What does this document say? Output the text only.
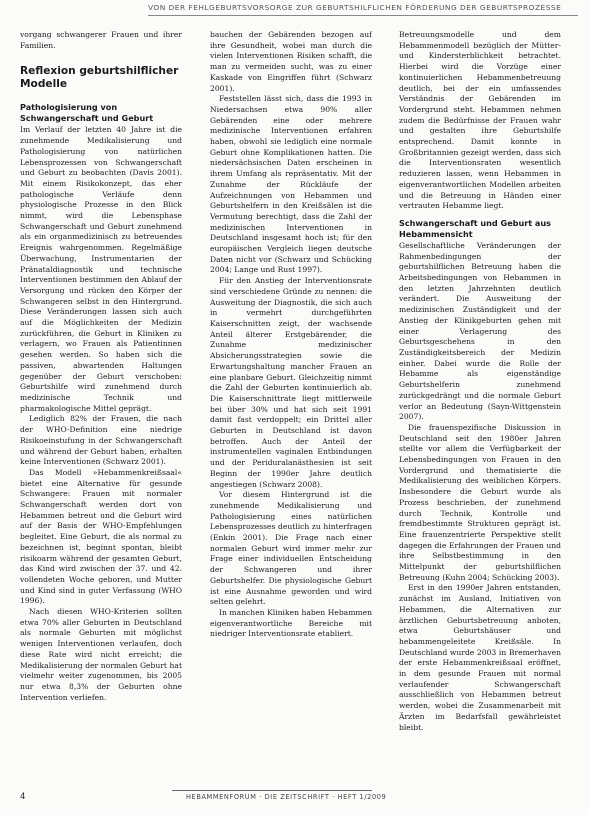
VON DER FEHLGEBURTSVORSORGE ZUR GEBURTSHILFLICHEN FÖRDERUNG DER GEBURTSPROZESSE

vorgang schwangerer Frauen und ihrer Familien.

Reflexion geburtshilflicher Modelle
Pathologisierung von Schwangerschaft und Geburt

Im Verlauf der letzten 40 Jahre ist die zunehmende Medikalisierung und Pathologisierung von natürlichen Lebensprozessen von Schwangerschaft und Geburt zu beobachten (Davis 2001). Mit einem Risikokonzept, das eher pathologische Verläufe denn physiologische Prozesse in den Blick nimmt, wird die Lebensphase Schwangerschaft und Geburt zunehmend als ein organmedizinisch zu betreuendes Ereignis wahrgenommen. Regelmäßige Überwachung, Instrumentarien der Pränataldiagnostik und technische Interventionen bestimmen den Ablauf der Versorgung und rücken den Körper der Schwangeren selbst in den Hintergrund. Diese Veränderungen lassen sich auch auf die Möglichkeiten der Medizin zurückführen, die Geburt in Kliniken zu verlagern, wo Frauen als Patientinnen gesehen werden. So haben sich die passiven, abwartenden Haltungen gegenüber der Geburt verschoben: Geburtshilfe wird zunehmend durch medizinische Technik und pharmakologische Mittel geprägt.

Lediglich 82% der Frauen, die nach der WHO-Definition eine niedrige Risikoeinstufung in der Schwangerschaft und während der Geburt haben, erhalten keine Interventionen (Schwarz 2001).

Das Modell »Hebammenkreißsaal« bietet eine Alternative für gesunde Schwangere: Frauen mit normaler Schwangerschaft werden dort von Hebammen betreut und die Geburt wird auf der Basis der WHO-Empfehlungen begleitet. Eine Geburt, die als normal zu bezeichnen ist, beginnt spontan, bleibt risikoarm während der gesamten Geburt, das Kind wird zwischen der 37. und 42. vollendeten Woche geboren, und Mutter und Kind sind in guter Verfassung (WHO 1996).

Nach diesen WHO-Kriterien sollten etwa 70% aller Geburten in Deutschland als normale Geburten mit möglichst wenigen Interventionen verlaufen, doch diese Rate wird nicht erreicht; die Medikalisierung der normalen Geburt hat vielmehr weiter zugenommen, bis 2005 nur etwa 8,3% der Geburten ohne Intervention verliefen.

bauchen der Gebärenden bezogen auf ihre Gesundheit, wobei man durch die vielen Interventionen Risiken schafft, die man zu vermeiden sucht, was zu einer Kaskade von Eingriffen führt (Schwarz 2001).

Feststellen lässt sich, dass die 1993 in Niedersachsen etwa 90% aller Gebärenden eine oder mehrere medizinische Interventionen erfahren haben, obwohl sie lediglich eine normale Geburt ohne Komplikationen hatten. Die niedersächsischen Daten erscheinen in ihrem Umfang als repräsentativ. Mit der Zunahme der Rückläufe der Aufzeichnungen von Hebammen und Geburtshelfern in den Kreißsälen ist die Vermutung berechtigt, dass die Zahl der medizinischen Interventionen in Deutschland insgesamt hoch ist; für den europäischen Vergleich liegen deutsche Daten nicht vor (Schwarz und Schücking 2004; Lange und Rust 1997).

Für den Anstieg der Interventionsrate sind verschiedene Gründe zu nennen: die Ausweitung der Diagnostik, die sich auch in vermehrt durchgeführten Kaiserschnitten zeigt, der wachsende Anteil älterer Erstgebärender, die Zunahme medizinischer Absicherungsstrategien sowie die Erwartungshaltung mancher Frauen an eine planbare Geburt. Gleichzeitig nimmt die Zahl der Geburten kontinuierlich ab. Die Kaiserschnittrate liegt mittlerweile bei über 30% und hat sich seit 1991 damit fast verdoppelt; ein Drittel aller Geburten in Deutschland ist davon betroffen. Auch der Anteil der instrumentellen vaginalen Entbindungen und der Periduralanästhesien ist seit Beginn der 1990er Jahre deutlich angestiegen (Schwarz 2008).

Vor diesem Hintergrund ist die zunehmende Medikalisierung und Pathologisierung eines natürlichen Lebensprozesses deutlich zu hinterfragen (Enkin 2001). Die Frage nach einer normalen Geburt wird immer mehr zur Frage einer individuellen Entscheidung der Schwangeren und ihrer Geburtshelfer. Die physiologische Geburt ist eine Ausnahme geworden und wird selten gelehrt.

In manchen Kliniken haben Hebammen eigenverantwortliche Bereiche mit niedriger Interventionsrate etabliert.

Betreuungsmodelle und dem Hebammenmodell bezüglich der Mütter- und Kindersterblichkeit betrachtet. Hierbei wird die Vorzüge einer kontinuierlichen Hebammenbetreuung deutlich, bei der ein umfassendes Verständnis der Gebärenden im Vordergrund steht. Hebammen nehmen zudem die Bedürfnisse der Frauen wahr und gestalten ihre Geburtshilfe entsprechend. Damit konnte in Großbritannien gezeigt werden, dass sich die Interventionsraten wesentlich reduzieren lassen, wenn Hebammen in eigenverantwortlichen Modellen arbeiten und die Betreuung in Händen einer vertrauten Hebamme liegt.

Schwangerschaft und Geburt aus Hebammensicht

Gesellschaftliche Veränderungen der Rahmenbedingungen der geburtshilflichen Betreuung haben die Arbeitsbedingungen von Hebammen in den letzten Jahrzehnten deutlich verändert. Die Ausweitung der medizinischen Zuständigkeit und der Anstieg der Klinikgeburten gehen mit einer Verlagerung des Geburtsgeschehens in den Zuständigkeitsbereich der Medizin einher. Dabei wurde die Rolle der Hebamme als eigenständige Geburtshelferin zunehmend zurückgedrängt und die normale Geburt verlor an Bedeutung (Sayn-Wittgenstein 2007).

Die frauenspezifische Diskussion in Deutschland seit den 1980er Jahren stellte vor allem die Verfügbarkeit der Lebensbedingungen von Frauen in den Vordergrund und thematisierte die Medikalisierung des weiblichen Körpers. Insbesondere die Geburt wurde als Prozess beschrieben, der zunehmend durch Technik, Kontrolle und fremdbestimmte Strukturen geprägt ist. Eine frauenzentrierte Perspektive stellt dagegen die Erfahrungen der Frauen und ihre Selbstbestimmung in den Mittelpunkt der geburtshilflichen Betreuung (Kuhn 2004; Schücking 2003).

Erst in den 1990er Jahren entstanden, zunächst im Ausland, Initiativen von Hebammen, die Alternativen zur ärztlichen Geburtsbetreuung anboten, etwa Geburtshäuser und hebammengeleitete Kreißsäle. In Deutschland wurde 2003 in Bremerhaven der erste Hebammenkreißsaal eröffnet, in dem gesunde Frauen mit normal verlaufender Schwangerschaft ausschließlich von Hebammen betreut werden, wobei die Zusammenarbeit mit Ärzten im Bedarfsfall gewährleistet bleibt.

4	HEBAMMENFORUM · DIE ZEITSCHRIFT · HEFT 1/2009
